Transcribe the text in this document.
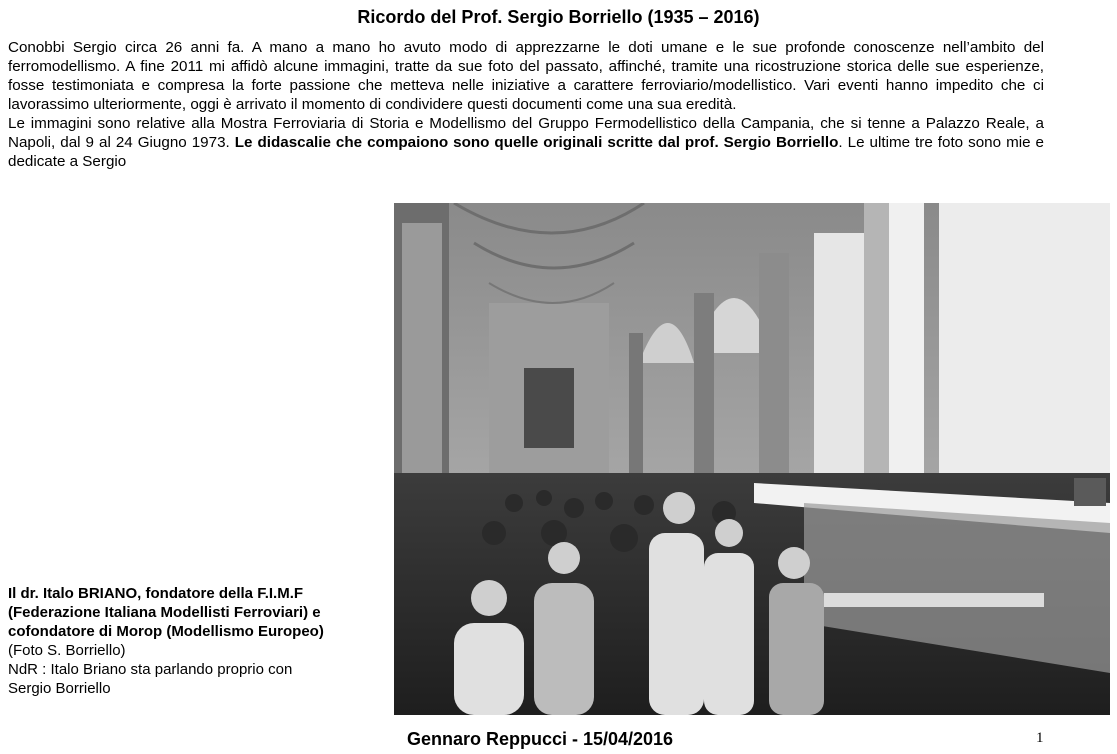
Ricordo del Prof. Sergio Borriello (1935 – 2016)

Conobbi Sergio circa 26 anni fa. A mano a mano ho avuto modo di apprezzarne le doti umane e le sue profonde conoscenze nell’ambito del ferromodellismo. A fine 2011 mi affidò alcune immagini, tratte da sue foto del passato, affinché, tramite una ricostruzione storica delle sue esperienze, fosse testimoniata e compresa la forte passione che metteva nelle iniziative a carattere ferroviario/modellistico. Vari eventi hanno impedito che ci lavorassimo ulteriormente, oggi è arrivato il momento di condividere questi documenti come una sua eredità.

Le immagini sono relative alla Mostra Ferroviaria di Storia e Modellismo del Gruppo Fermodellistico della Campania, che si tenne a Palazzo Reale, a Napoli, dal 9 al 24 Giugno 1973. Le didascalie che compaiono sono quelle originali scritte dal prof. Sergio Borriello. Le ultime tre foto sono mie e dedicate a Sergio

Il dr. Italo BRIANO, fondatore della F.I.M.F
(Federazione Italiana Modellisti Ferroviari) e
cofondatore di Morop (Modellismo Europeo)
(Foto S. Borriello)
NdR : Italo Briano sta parlando proprio con
Sergio Borriello
Gennaro Reppucci - 15/04/2016	1
